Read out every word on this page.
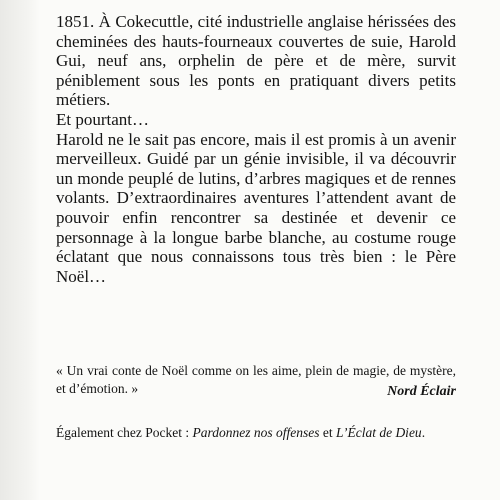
1851. À Cokecuttle, cité industrielle anglaise hérissées des cheminées des hauts-fourneaux couvertes de suie, Harold Gui, neuf ans, orphelin de père et de mère, survit péniblement sous les ponts en pratiquant divers petits métiers.

Et pourtant…

Harold ne le sait pas encore, mais il est promis à un avenir merveilleux. Guidé par un génie invisible, il va découvrir un monde peuplé de lutins, d’arbres magiques et de rennes volants. D’extraordinaires aventures l’attendent avant de pouvoir enfin rencontrer sa destinée et devenir ce personnage à la longue barbe blanche, au costume rouge éclatant que nous connaissons tous très bien : le Père Noël…

« Un vrai conte de Noël comme on les aime, plein de magie, de mystère, et d’émotion. »	Nord Éclair

Également chez Pocket : Pardonnez nos offenses et L’Éclat de Dieu.
